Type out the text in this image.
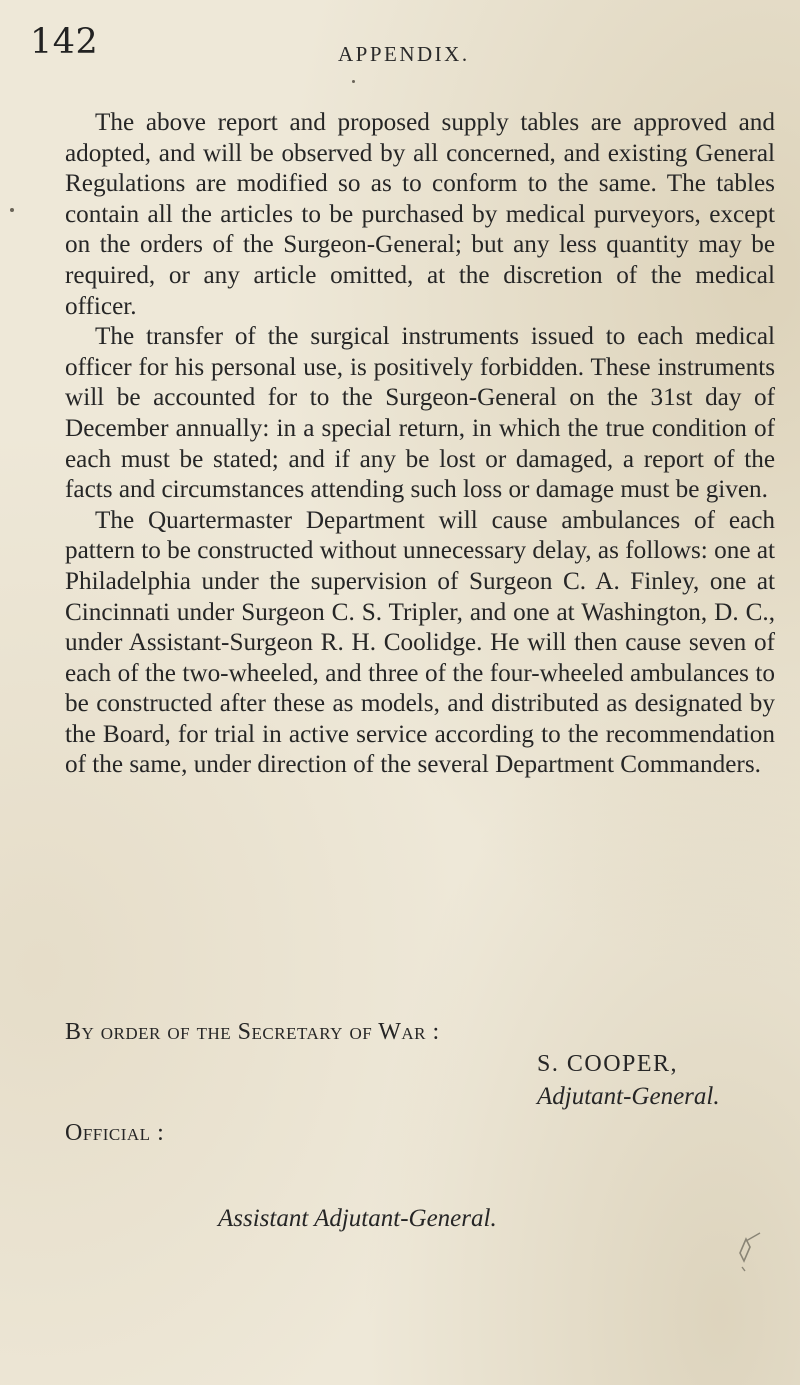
142	APPENDIX.

The above report and proposed supply tables are approved and adopted, and will be observed by all concerned, and existing General Regulations are modified so as to conform to the same. The tables contain all the articles to be purchased by medical purveyors, except on the orders of the Surgeon-General; but any less quantity may be required, or any article omitted, at the discretion of the medical officer.

The transfer of the surgical instruments issued to each medical officer for his personal use, is positively forbidden. These instruments will be accounted for to the Surgeon-General on the 31st day of December annually: in a special return, in which the true condition of each must be stated; and if any be lost or damaged, a report of the facts and circumstances attending such loss or damage must be given.

The Quartermaster Department will cause ambulances of each pattern to be constructed without unnecessary delay, as follows: one at Philadelphia under the supervision of Surgeon C. A. Finley, one at Cincinnati under Surgeon C. S. Tripler, and one at Washington, D. C., under Assistant-Surgeon R. H. Coolidge. He will then cause seven of each of the two-wheeled, and three of the four-wheeled ambulances to be constructed after these as models, and distributed as designated by the Board, for trial in active service according to the recommendation of the same, under direction of the several Department Commanders.

By order of the Secretary of War :
S. COOPER,
Adjutant-General.
Official :
Assistant Adjutant-General.
